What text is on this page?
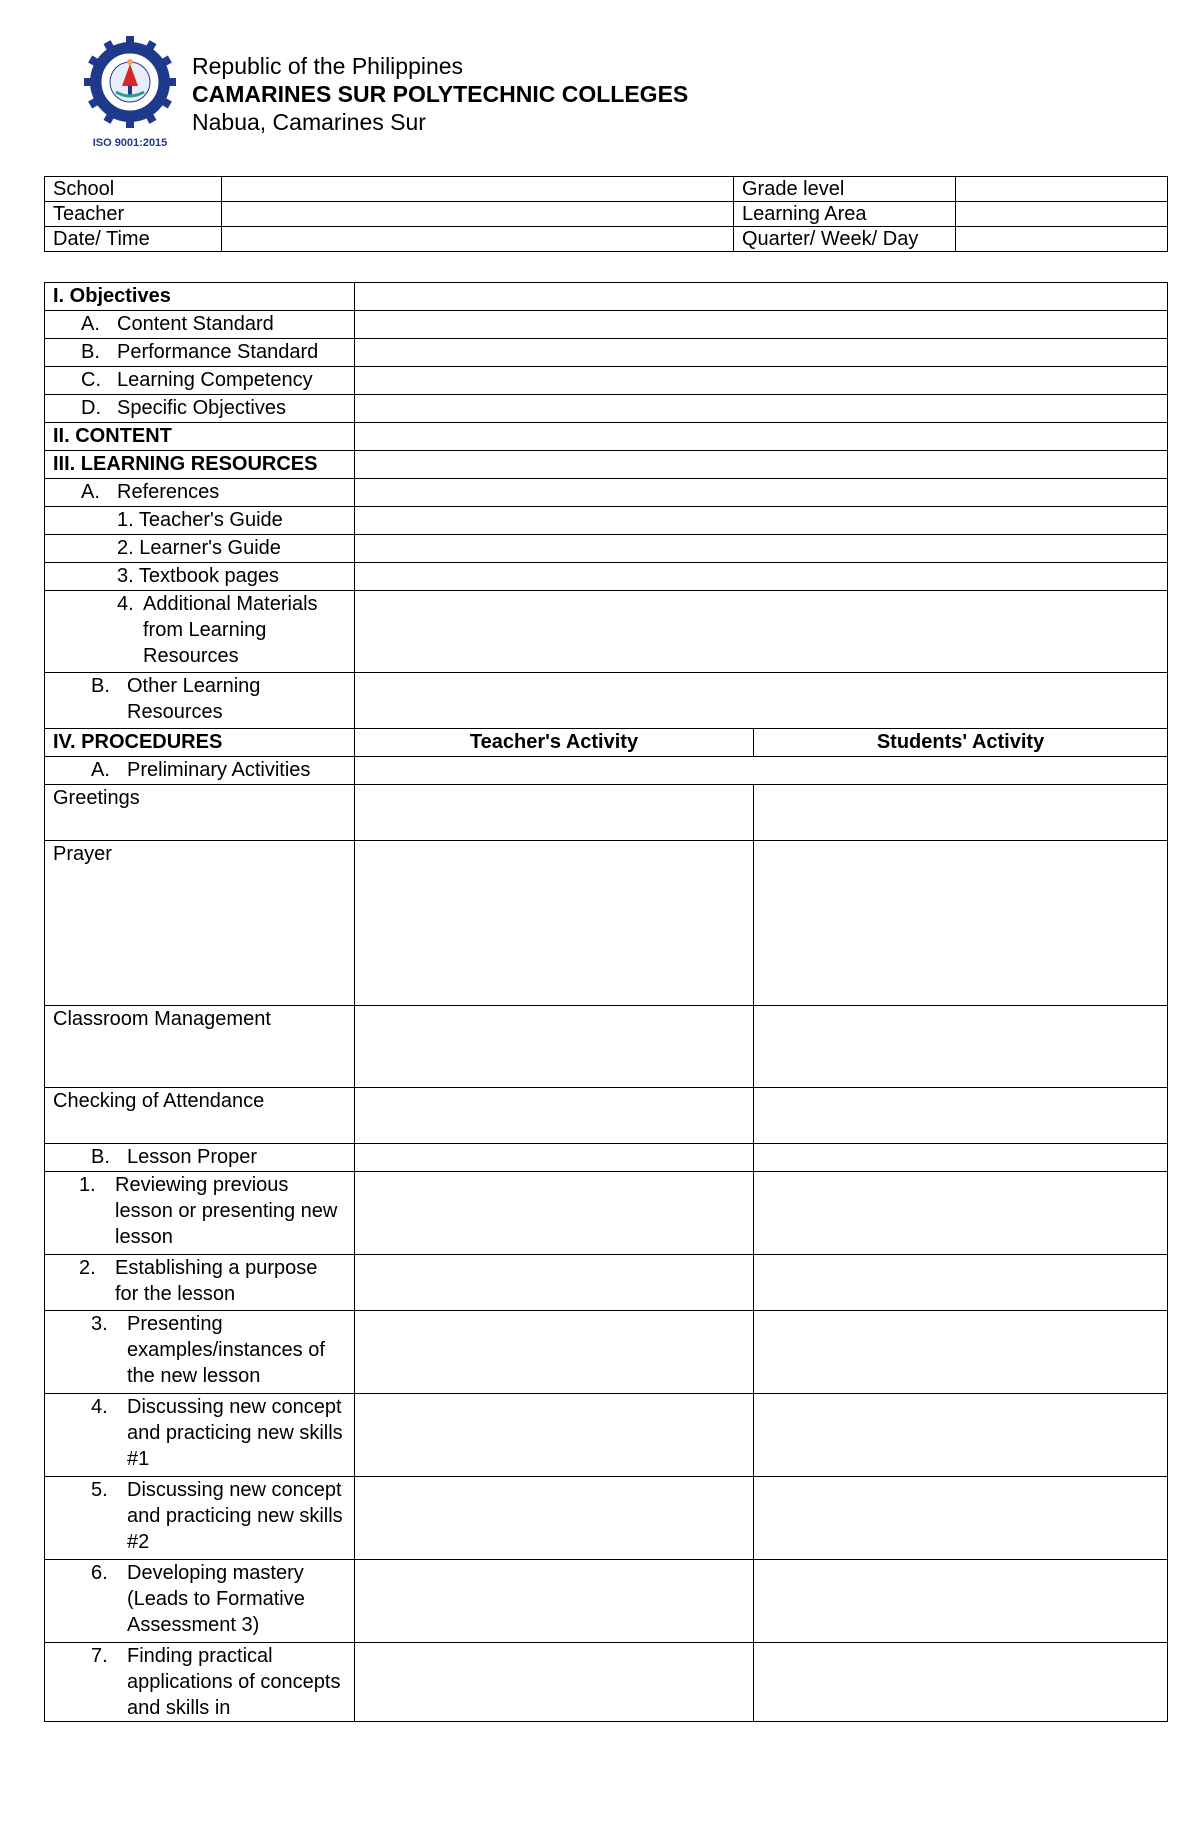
ISO 9001:2015
Republic of the Philippines
CAMARINES SUR POLYTECHNIC COLLEGES
Nabua, Camarines Sur
School		Grade level	
Teacher		Learning Area	
Date/ Time		Quarter/ Week/ Day	
I. Objectives		
A. Content Standard		
B. Performance Standard		
C. Learning Competency		
D. Specific Objectives		
II. CONTENT		
III. LEARNING RESOURCES		
A. References		
1. Teacher's Guide		
2. Learner's Guide		
3. Textbook pages		

4. Additional Materials from Learning Resources		

B. Other Learning Resources		

IV. PROCEDURES	Teacher's Activity	Students' Activity
A. Preliminary Activities		
Greetings		
Prayer		
Classroom Management		
Checking of Attendance		
B. Lesson Proper		

1. Reviewing previous lesson or presenting new lesson		

2. Establishing a purpose for the lesson		

3. Presenting examples/instances of the new lesson		

4. Discussing new concept and practicing new skills #1		

5. Discussing new concept and practicing new skills #2		

6. Developing mastery (Leads to Formative Assessment 3)		

7. Finding practical applications of concepts and skills in		
